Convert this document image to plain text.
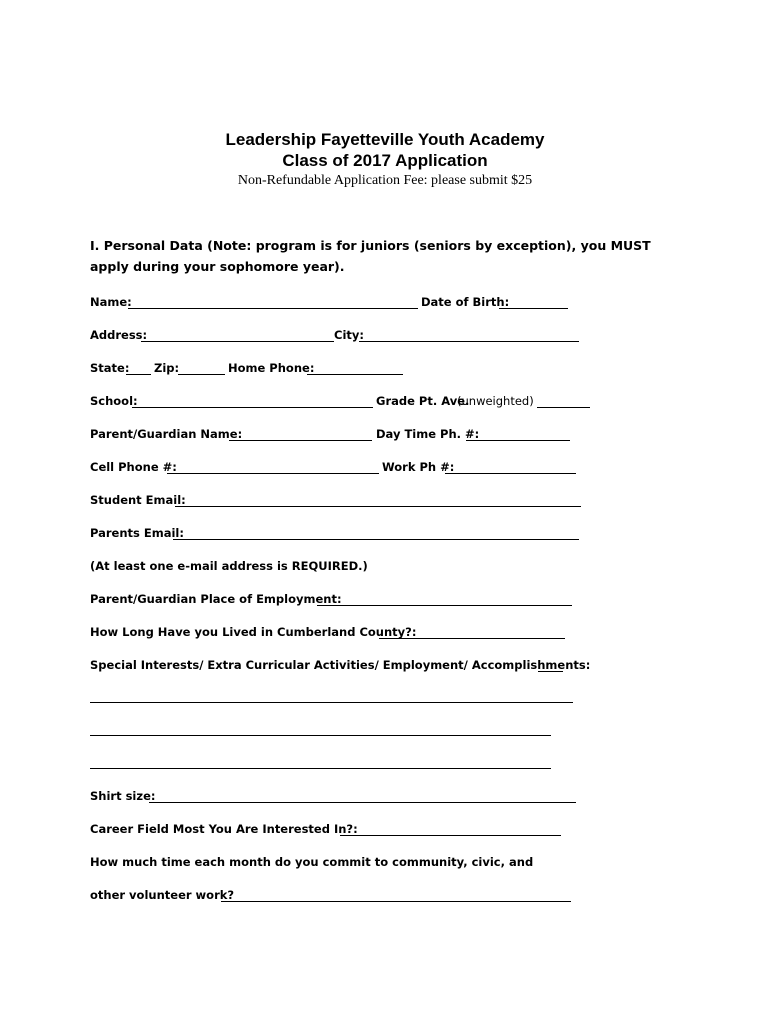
Leadership Fayetteville Youth Academy
Class of 2017 Application
Non-Refundable Application Fee: please submit $25
I. Personal Data (Note: program is for juniors (seniors by exception), you MUST apply during your sophomore year).
Name:	Date of Birth:
Address:	City:
State: Zip:	Home Phone:
School:	Grade Pt. Ave.
(unweighted)
Parent/Guardian Name:	Day Time Ph. #:
Cell Phone #:	Work Ph #:
Student Email:
Parents Email:
(At least one e-mail address is REQUIRED.)
Parent/Guardian Place of Employment:
How Long Have you Lived in Cumberland County?:
Special Interests/ Extra Curricular Activities/ Employment/ Accomplishments:
Shirt size:
Career Field Most You Are Interested In?:
How much time each month do you commit to community, civic, and
other volunteer work?
